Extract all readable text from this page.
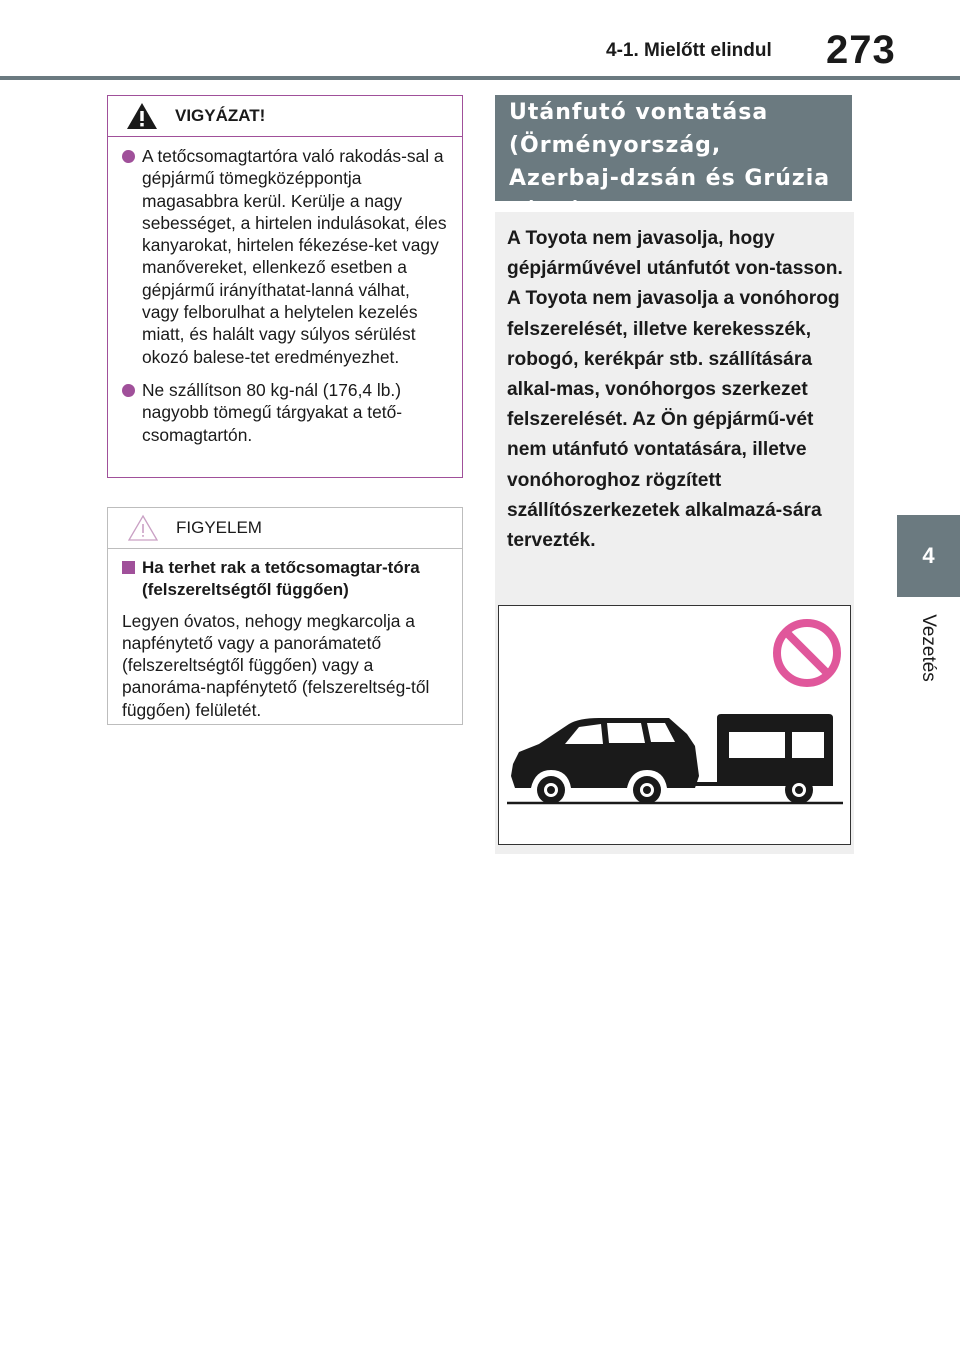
4-1. Mielőtt elindul 273
4
Vezetés
VIGYÁZAT!
A tetőcsomagtartóra való rakodás-sal a gépjármű tömegközéppontja magasabbra kerül. Kerülje a nagy sebességet, a hirtelen indulásokat, éles kanyarokat, hirtelen fékezése-ket vagy manővereket, ellenkező esetben a gépjármű irányíthatat-lanná válhat, vagy felborulhat a helytelen kezelés miatt, és halált vagy súlyos sérülést okozó balese-tet eredményezhet.
Ne szállítson 80 kg-nál (176,4 lb.) nagyobb tömegű tárgyakat a tető-csomagtartón.
FIGYELEM
Ha terhet rak a tetőcsomagtar-tóra (felszereltségtől függően)
Legyen óvatos, nehogy megkarcolja a napfénytető vagy a panorámatető (felszereltségtől függően) vagy a panoráma-napfénytető (felszereltség-től függően) felületét.
Utánfutó vontatása (Örményország, Azerbaj-dzsán és Grúzia
A Toyota nem javasolja, hogy gépjárművével utánfutót von-tasson. A Toyota nem javasolja a vonóhorog felszerelését, illetve kerekesszék, robogó, kerékpár stb. szállítására alkal-mas, vonóhorgos szerkezet felszerelését. Az Ön gépjármű-vét nem utánfutó vontatására, illetve vonóhoroghoz rögzített szállítószerkezetek alkalmazá-sára tervezték.
